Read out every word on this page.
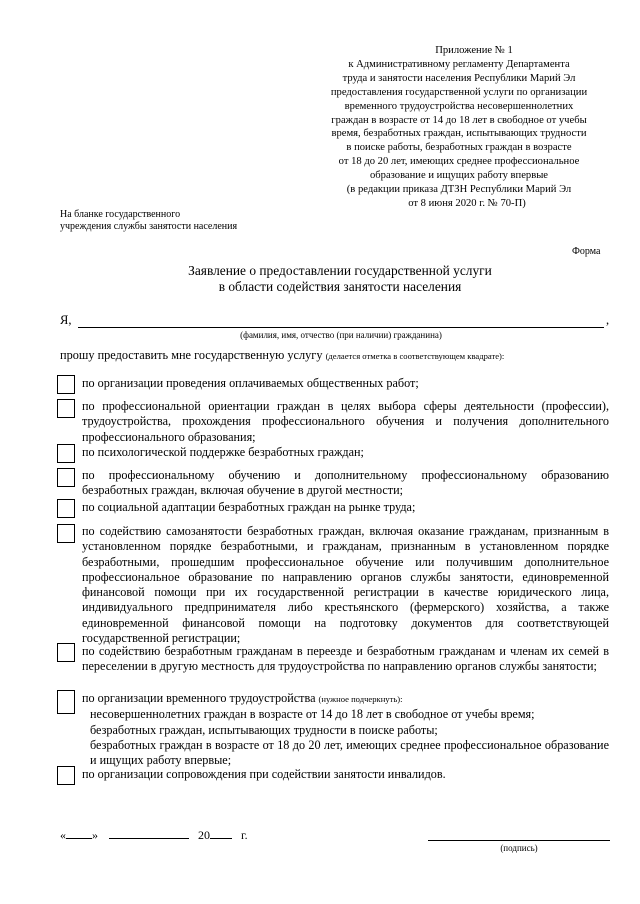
Приложение № 1
к Административному регламенту Департамента
труда и занятости населения Республики Марий Эл
предоставления государственной услуги по организации
временного трудоустройства несовершеннолетних
граждан в возрасте от 14 до 18 лет в свободное от учебы
время, безработных граждан, испытывающих трудности
в поиске работы, безработных граждан в возрасте
от 18 до 20 лет, имеющих среднее профессиональное
образование и ищущих работу впервые
(в редакции приказа ДТЗН Республики Марий Эл
от 8 июня 2020 г. № 70-П)
На бланке государственного
учреждения службы занятости населения
Форма
Заявление о предоставлении государственной услуги
в области содействия занятости населения
Я,	,
(фамилия, имя, отчество (при наличии) гражданина)
прошу предоставить мне государственную услугу (делается отметка в соответствующем квадрате):
по организации проведения оплачиваемых общественных работ;
по профессиональной ориентации граждан в целях выбора сферы деятельности (профессии), трудоустройства, прохождения профессионального обучения и получения дополнительного профессионального образования;
по психологической поддержке безработных граждан;
по профессиональному обучению и дополнительному профессиональному образованию безработных граждан, включая обучение в другой местности;
по социальной адаптации безработных граждан на рынке труда;
по содействию самозанятости безработных граждан, включая оказание гражданам, признанным в установленном порядке безработными, и гражданам, признанным в установленном порядке безработными, прошедшим профессиональное обучение или получившим дополнительное профессиональное образование по направлению органов службы занятости, единовременной финансовой помощи при их государственной регистрации в качестве юридического лица, индивидуального предпринимателя либо крестьянского (фермерского) хозяйства, а также единовременной финансовой помощи на подготовку документов для соответствующей государственной регистрации;
по содействию безработным гражданам в переезде и безработным гражданам и членам их семей в переселении в другую местность для трудоустройства по направлению органов службы занятости;
по организации временного трудоустройства (нужное подчеркнуть):
несовершеннолетних граждан в возрасте от 14 до 18 лет в свободное от учебы время;
безработных граждан, испытывающих трудности в поиске работы;
безработных граждан в возрасте от 18 до 20 лет, имеющих среднее профессиональное образование и ищущих работу впервые;
по организации сопровождения при содействии занятости инвалидов.
« »	20	г.
(подпись)
